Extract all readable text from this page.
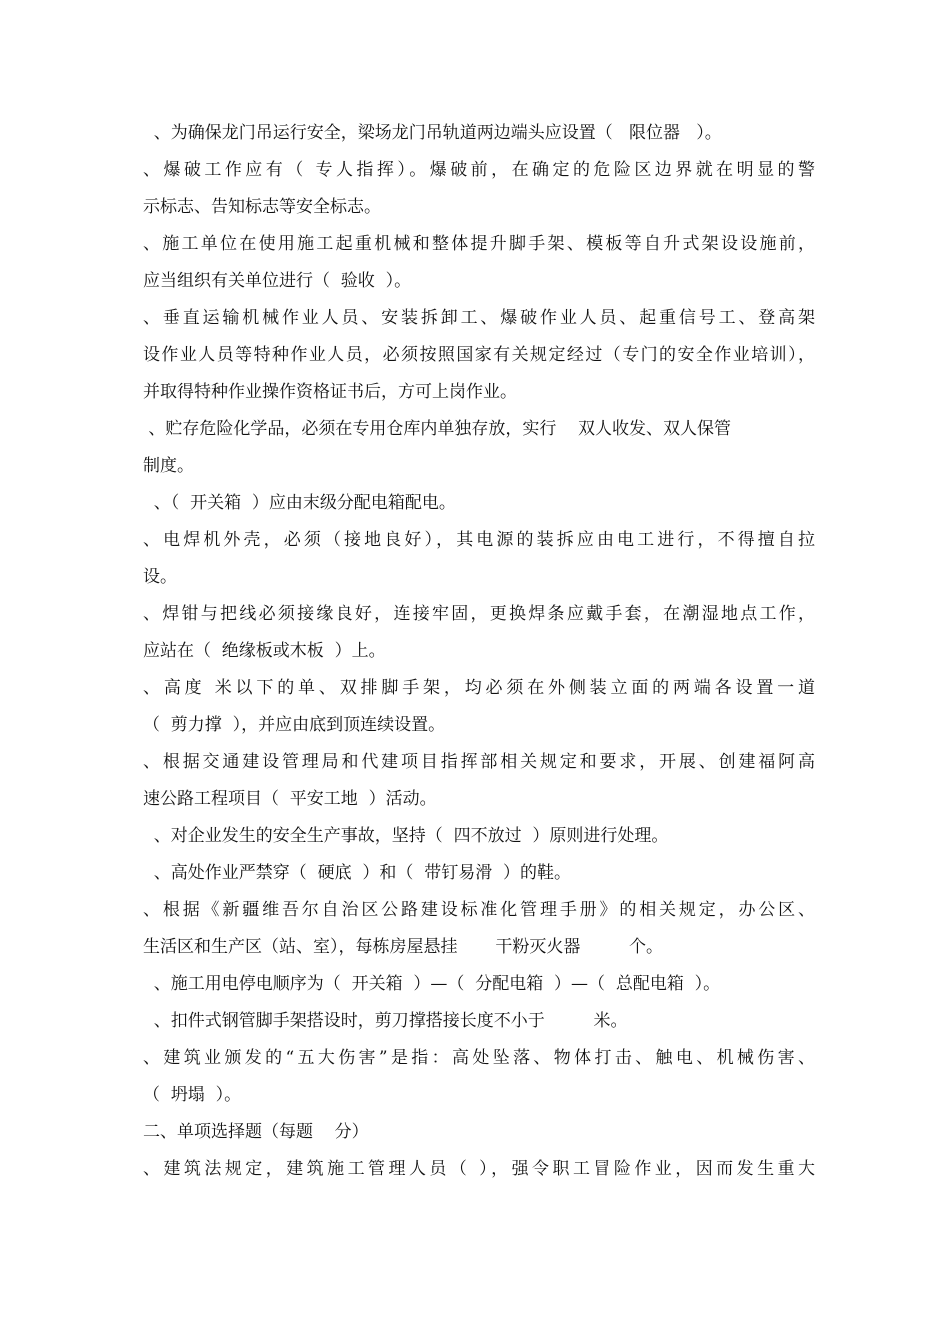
、为确保龙门吊运行安全，梁场龙门吊轨道两边端头应设置（   限位器   ）。
、爆破工作应有（ 专人指挥）。爆破前，在确定的危险区边界就在明显的警
示标志、告知标志等安全标志。
、施工单位在使用施工起重机械和整体提升脚手架、模板等自升式架设设施前，
应当组织有关单位进行（  验收  ）。
、垂直运输机械作业人员、安装拆卸工、爆破作业人员、起重信号工、登高架
设作业人员等特种作业人员，必须按照国家有关规定经过（专门的安全作业培训），
并取得特种作业操作资格证书后，方可上岗作业。
、贮存危险化学品，必须在专用仓库内单独存放，实行    双人收发、双人保管
制度。
、（  开关箱  ）应由末级分配电箱配电。
、电焊机外壳，必须（接地良好），其电源的装拆应由电工进行，不得擅自拉
设。
、焊钳与把线必须接缘良好，连接牢固，更换焊条应戴手套，在潮湿地点工作，
应站在（  绝缘板或木板  ）上。
、高度 米以下的单、双排脚手架，均必须在外侧装立面的两端各设置一道
（  剪力撑  ），并应由底到顶连续设置。
、根据交通建设管理局和代建项目指挥部相关规定和要求，开展、创建福阿高
速公路工程项目（  平安工地  ）活动。
、对企业发生的安全生产事故，坚持（  四不放过  ）原则进行处理。
、高处作业严禁穿（  硬底  ）和（  带钉易滑  ）的鞋。
、根据《新疆维吾尔自治区公路建设标准化管理手册》的相关规定，办公区、
生活区和生产区（站、室），每栋房屋悬挂       干粉灭火器         个。
、施工用电停电顺序为（  开关箱  ）—（  分配电箱  ）—（  总配电箱  ）。
、扣件式钢管脚手架搭设时，剪刀撑搭接长度不小于         米。
、建筑业颁发的“五大伤害”是指：高处坠落、物体打击、触电、机械伤害、
（  坍塌  ）。
二、单项选择题（每题    分）
、建筑法规定，建筑施工管理人员（ ），强令职工冒险作业，因而发生重大
